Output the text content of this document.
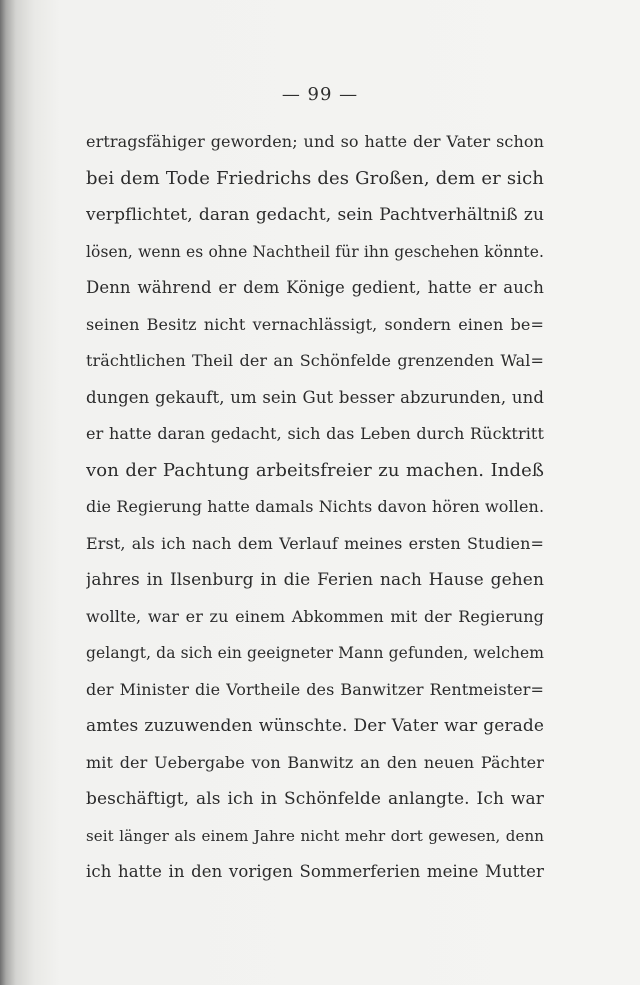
— 99 —
ertragsfähiger geworden; und so hatte der Vater schon
bei dem Tode Friedrichs des Großen, dem er sich
verpflichtet, daran gedacht, sein Pachtverhältniß zu
lösen, wenn es ohne Nachtheil für ihn geschehen könnte.
Denn während er dem Könige gedient, hatte er auch
seinen Besitz nicht vernachlässigt, sondern einen be=
trächtlichen Theil der an Schönfelde grenzenden Wal=
dungen gekauft, um sein Gut besser abzurunden, und
er hatte daran gedacht, sich das Leben durch Rücktritt
von der Pachtung arbeitsfreier zu machen. Indeß
die Regierung hatte damals Nichts davon hören wollen.
Erst, als ich nach dem Verlauf meines ersten Studien=
jahres in Ilsenburg in die Ferien nach Hause gehen
wollte, war er zu einem Abkommen mit der Regierung
gelangt, da sich ein geeigneter Mann gefunden, welchem
der Minister die Vortheile des Banwitzer Rentmeister=
amtes zuzuwenden wünschte. Der Vater war gerade
mit der Uebergabe von Banwitz an den neuen Pächter
beschäftigt, als ich in Schönfelde anlangte. Ich war
seit länger als einem Jahre nicht mehr dort gewesen, denn
ich hatte in den vorigen Sommerferien meine Mutter
